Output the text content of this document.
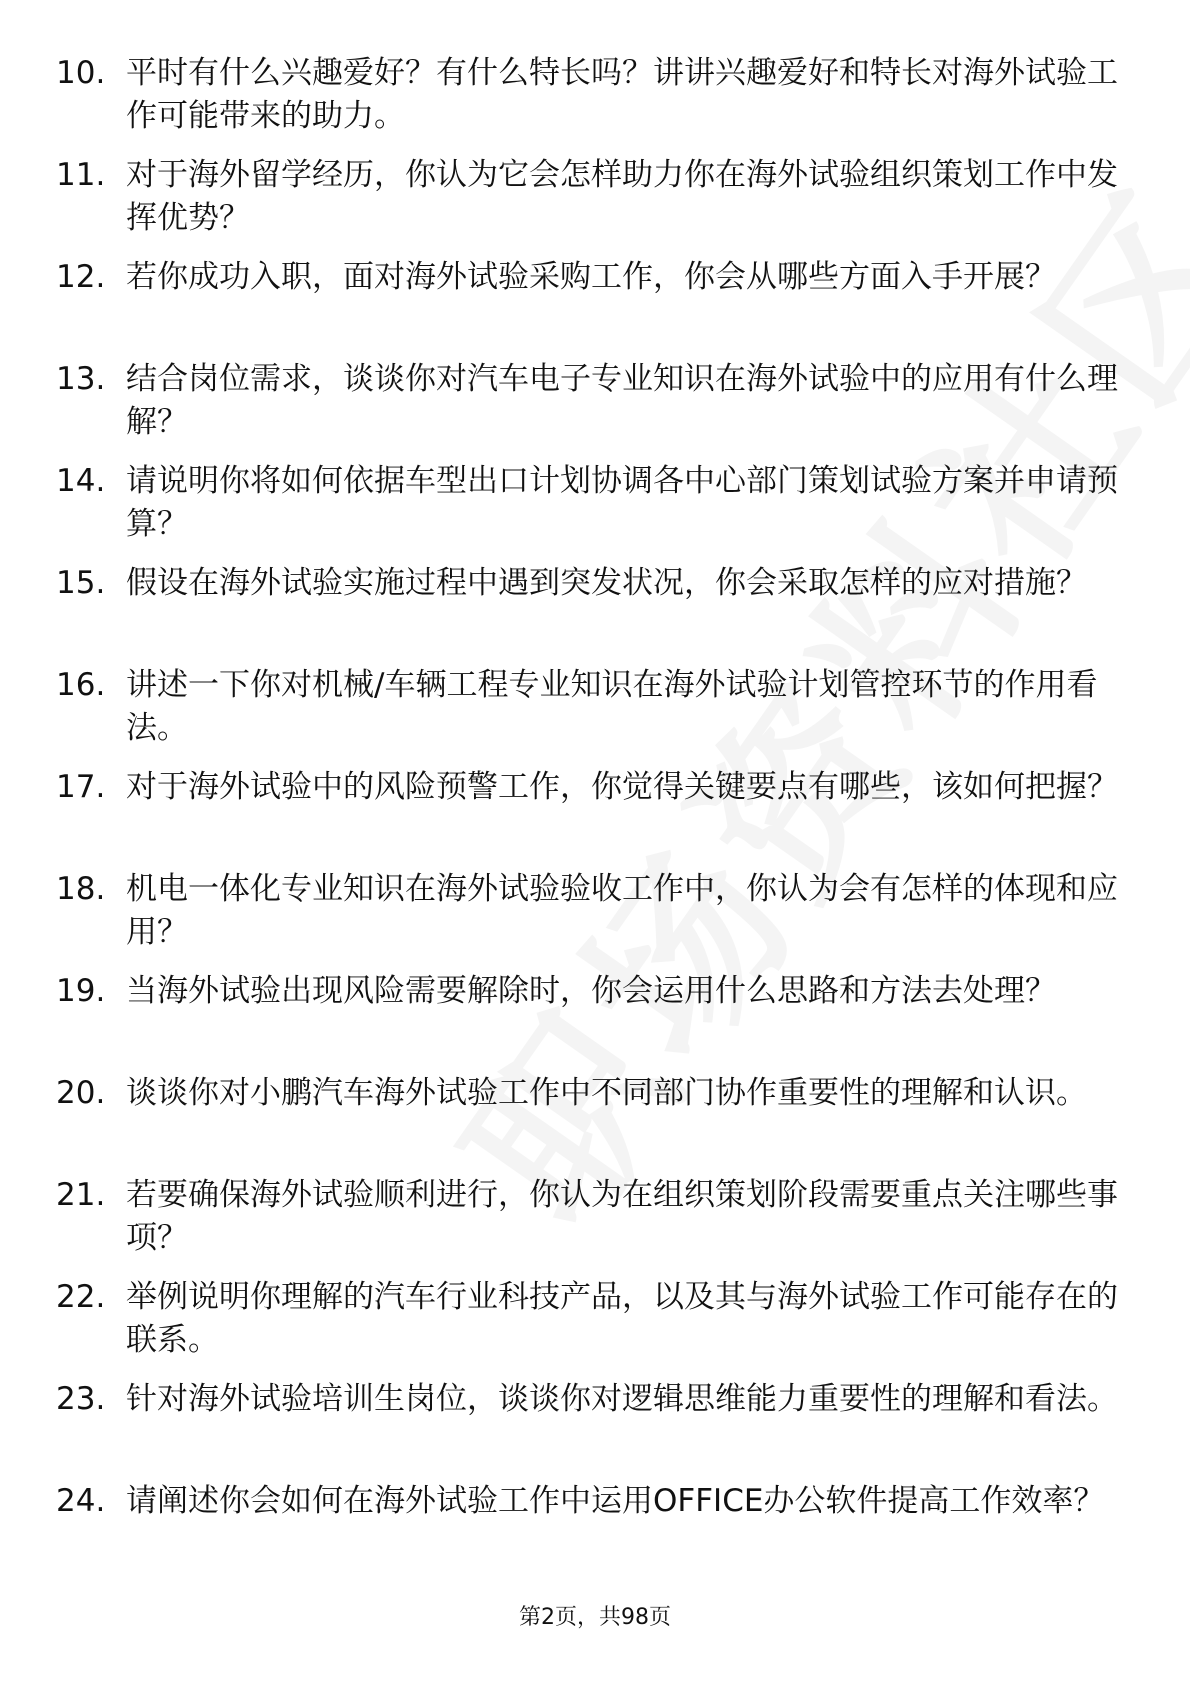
10. 平时有什么兴趣爱好？有什么特长吗？讲讲兴趣爱好和特长对海外试验工作可能带来的助力。
11. 对于海外留学经历，你认为它会怎样助力你在海外试验组织策划工作中发挥优势？
12. 若你成功入职，面对海外试验采购工作，你会从哪些方面入手开展？
13. 结合岗位需求，谈谈你对汽车电子专业知识在海外试验中的应用有什么理解？
14. 请说明你将如何依据车型出口计划协调各中心部门策划试验方案并申请预算？
15. 假设在海外试验实施过程中遇到突发状况，你会采取怎样的应对措施？
16. 讲述一下你对机械/车辆工程专业知识在海外试验计划管控环节的作用看法。
17. 对于海外试验中的风险预警工作，你觉得关键要点有哪些，该如何把握？
18. 机电一体化专业知识在海外试验验收工作中，你认为会有怎样的体现和应用？
19. 当海外试验出现风险需要解除时，你会运用什么思路和方法去处理？
20. 谈谈你对小鹏汽车海外试验工作中不同部门协作重要性的理解和认识。
21. 若要确保海外试验顺利进行，你认为在组织策划阶段需要重点关注哪些事项？
22. 举例说明你理解的汽车行业科技产品，以及其与海外试验工作可能存在的联系。
23. 针对海外试验培训生岗位，谈谈你对逻辑思维能力重要性的理解和看法。
24. 请阐述你会如何在海外试验工作中运用OFFICE办公软件提高工作效率？
第2页，共98页
